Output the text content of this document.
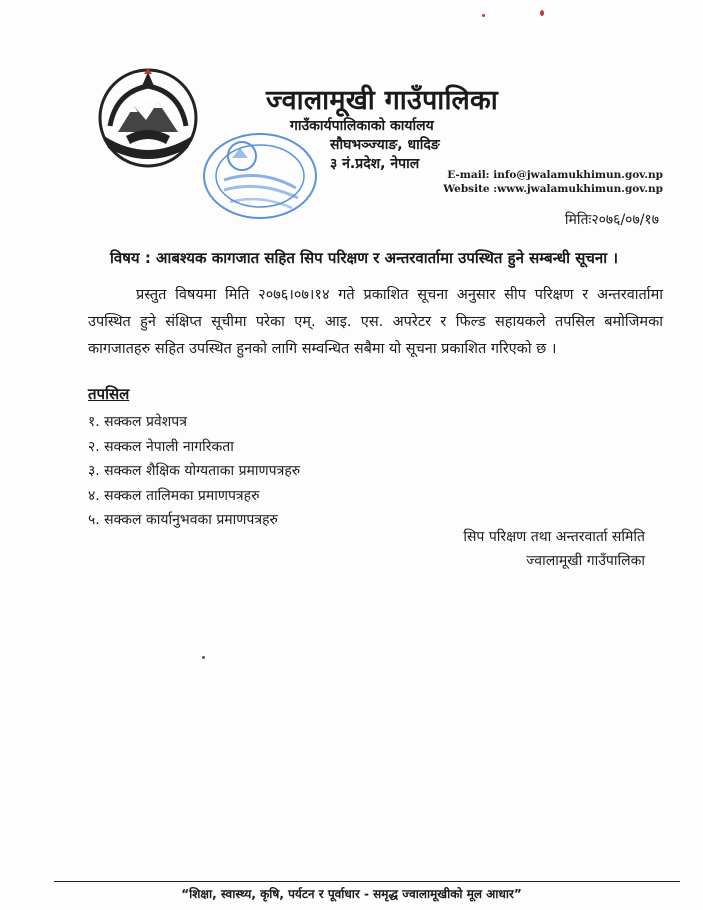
ज्वालामूखी गाउँपालिका
गाउँकार्यपालिकाको कार्यालय
सौघभञ्ज्याङ, धादिङ
३ नं.प्रदेश, नेपाल
E-mail: info@jwalamukhimun.gov.np
Website :www.jwalamukhimun.gov.np
मितिः२०७६/०७/१७
विषय : आबश्यक कागजात सहित सिप परिक्षण र अन्तरवार्तामा उपस्थित हुने सम्बन्धी सूचना ।
प्रस्तुत विषयमा मिति २०७६।०७।१४ गते प्रकाशित सूचना अनुसार सीप परिक्षण र अन्तरवार्तामा उपस्थित हुने संक्षिप्त सूचीमा परेका एम्. आइ. एस. अपरेटर र फिल्ड सहायकले तपसिल बमोजिमका कागजातहरु सहित उपस्थित हुनको लागि सम्वन्धित सबैमा यो सूचना प्रकाशित गरिएको छ ।
तपसिल
१. सक्कल प्रवेशपत्र
२. सक्कल नेपाली नागरिकता
३. सक्कल शैक्षिक योग्यताका प्रमाणपत्रहरु
४. सक्कल तालिमका प्रमाणपत्रहरु
५. सक्कल कार्यानुभवका प्रमाणपत्रहरु
सिप परिक्षण तथा अन्तरवार्ता समिति
ज्वालामूखी गाउँपालिका
“शिक्षा, स्वास्थ्य, कृषि, पर्यटन र पूर्वाधार - समृद्ध ज्वालामूखीको मूल आधार”
